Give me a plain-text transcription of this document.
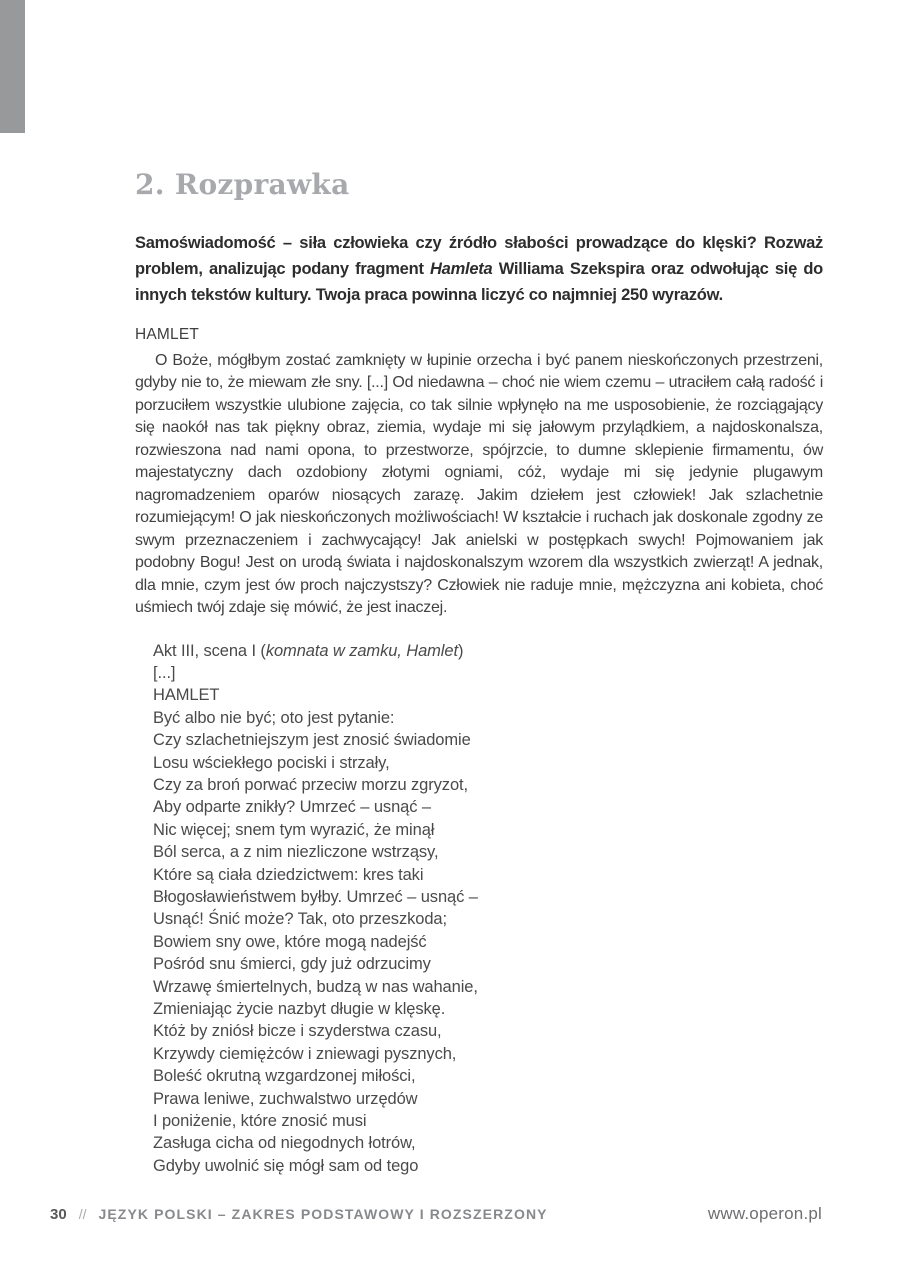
2. Rozprawka

Samoświadomość – siła człowieka czy źródło słabości prowadzące do klęski? Rozważ problem, analizując podany fragment Hamleta Williama Szekspira oraz odwołując się do innych tekstów kultury. Twoja praca powinna liczyć co najmniej 250 wyrazów.

HAMLET

O Boże, mógłbym zostać zamknięty w łupinie orzecha i być panem nieskończonych przestrzeni, gdyby nie to, że miewam złe sny. [...] Od niedawna – choć nie wiem czemu – utraciłem całą radość i porzuciłem wszystkie ulubione zajęcia, co tak silnie wpłynęło na me usposobienie, że rozciągający się naokół nas tak piękny obraz, ziemia, wydaje mi się jałowym przylądkiem, a najdoskonalsza, rozwieszona nad nami opona, to przestworze, spójrzcie, to dumne sklepienie firmamentu, ów majestatyczny dach ozdobiony złotymi ogniami, cóż, wydaje mi się jedynie plugawym nagromadzeniem oparów niosących zarazę. Jakim dziełem jest człowiek! Jak szlachetnie rozumiejącym! O jak nieskończonych możliwościach! W kształcie i ruchach jak doskonale zgodny ze swym przeznaczeniem i zachwycający! Jak anielski w postępkach swych! Pojmowaniem jak podobny Bogu! Jest on urodą świata i najdoskonalszym wzorem dla wszystkich zwierząt! A jednak, dla mnie, czym jest ów proch najczystszy? Człowiek nie raduje mnie, mężczyzna ani kobieta, choć uśmiech twój zdaje się mówić, że jest inaczej.

Akt III, scena I (komnata w zamku, Hamlet)
[...]
HAMLET
Być albo nie być; oto jest pytanie:
Czy szlachetniejszym jest znosić świadomie
Losu wściekłego pociski i strzały,
Czy za broń porwać przeciw morzu zgryzot,
Aby odparte znikły? Umrzeć – usnąć –
Nic więcej; snem tym wyrazić, że minął
Ból serca, a z nim niezliczone wstrząsy,
Które są ciała dziedzictwem: kres taki
Błogosławieństwem byłby. Umrzeć – usnąć –
Usnąć! Śnić może? Tak, oto przeszkoda;
Bowiem sny owe, które mogą nadejść
Pośród snu śmierci, gdy już odrzucimy
Wrzawę śmiertelnych, budzą w nas wahanie,
Zmieniając życie nazbyt długie w klęskę.
Któż by zniósł bicze i szyderstwa czasu,
Krzywdy ciemiężców i zniewagi pysznych,
Boleść okrutną wzgardzonej miłości,
Prawa leniwe, zuchwalstwo urzędów
I poniżenie, które znosić musi
Zasługa cicha od niegodnych łotrów,
Gdyby uwolnić się mógł sam od tego
30 // JĘZYK POLSKI – ZAKRES PODSTAWOWY I ROZSZERZONY	www.operon.pl
